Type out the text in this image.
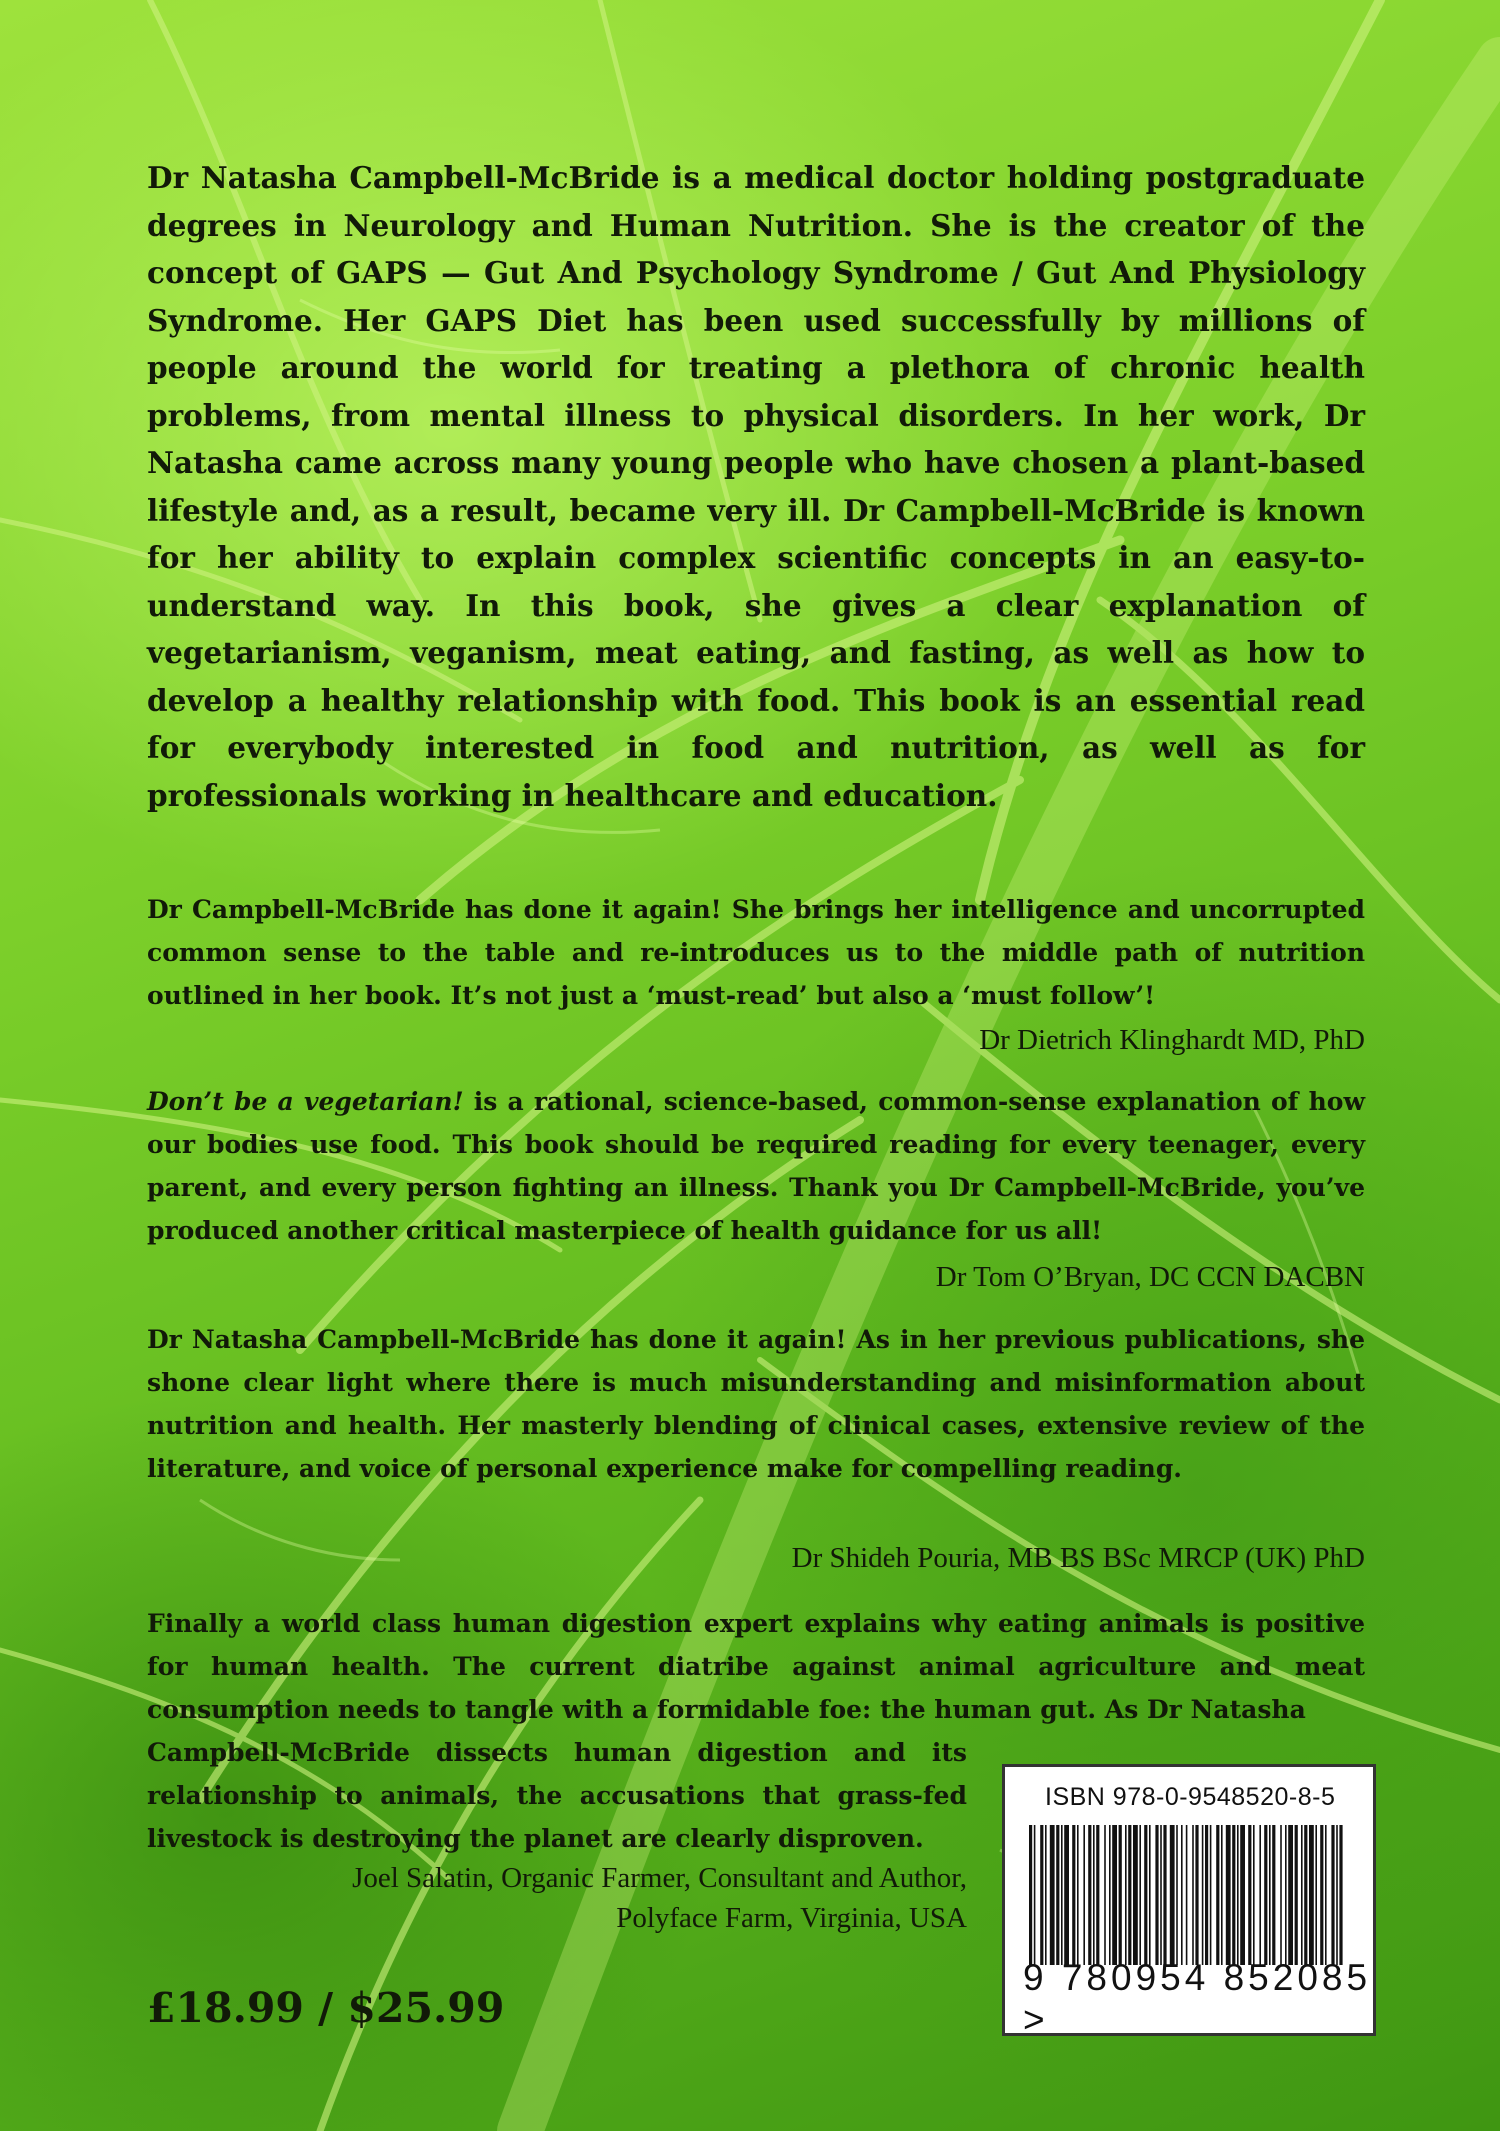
Dr Natasha Campbell-McBride is a medical doctor holding postgraduate degrees in Neurology and Human Nutrition. She is the creator of the concept of GAPS — Gut And Psychology Syndrome / Gut And Physiology Syndrome. Her GAPS Diet has been used successfully by millions of people around the world for treating a plethora of chronic health problems, from mental illness to physical disorders. In her work, Dr Natasha came across many young people who have chosen a plant-based lifestyle and, as a result, became very ill. Dr Campbell-McBride is known for her ability to explain complex scientific concepts in an easy-to-understand way. In this book, she gives a clear explanation of vegetarianism, veganism, meat eating, and fasting, as well as how to develop a healthy relationship with food. This book is an essential read for everybody interested in food and nutrition, as well as for professionals working in healthcare and education.

Dr Campbell-McBride has done it again! She brings her intelligence and uncorrupted common sense to the table and re-introduces us to the middle path of nutrition outlined in her book. It’s not just a ‘must-read’ but also a ‘must follow’!

Dr Dietrich Klinghardt MD, PhD

Don’t be a vegetarian! is a rational, science-based, common-sense explanation of how our bodies use food. This book should be required reading for every teenager, every parent, and every person fighting an illness. Thank you Dr Campbell-McBride, you’ve produced another critical masterpiece of health guidance for us all!

Dr Tom O’Bryan, DC CCN DACBN

Dr Natasha Campbell-McBride has done it again! As in her previous publications, she shone clear light where there is much misunderstanding and misinformation about nutrition and health. Her masterly blending of clinical cases, extensive review of the literature, and voice of personal experience make for compelling reading.

Dr Shideh Pouria, MB BS BSc MRCP (UK) PhD

Finally a world class human digestion expert explains why eating animals is positive for human health. The current diatribe against animal agriculture and meat consumption needs to tangle with a formidable foe: the human gut. As Dr Natasha

Campbell-McBride dissects human digestion and its relationship to animals, the accusations that grass-fed livestock is destroying the planet are clearly disproven.

Joel Salatin, Organic Farmer, Consultant and Author,
Polyface Farm, Virginia, USA

£18.99 / $25.99

ISBN 978-0-9548520-8-5

9 780954 852085 >
